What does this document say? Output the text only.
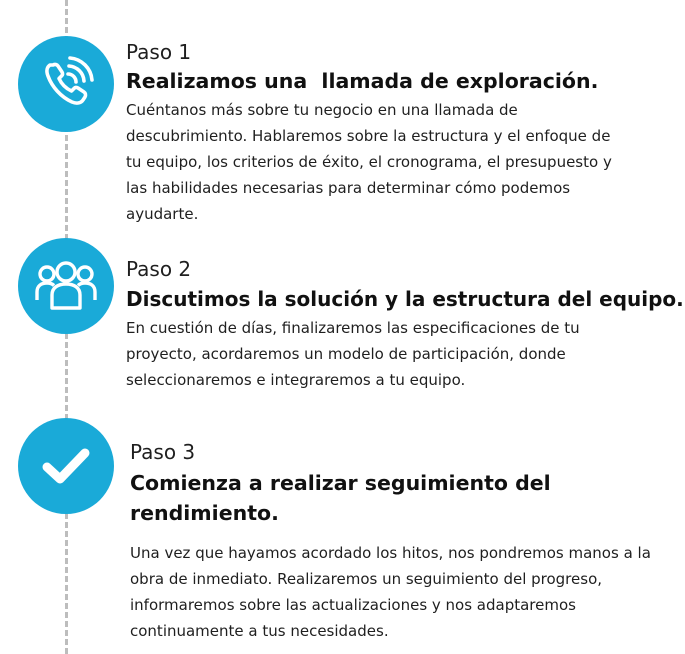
Paso 1

Realizamos una  llamada de exploración.

Cuéntanos más sobre tu negocio en una llamada de descubrimiento. Hablaremos sobre la estructura y el enfoque de tu equipo, los criterios de éxito, el cronograma, el presupuesto y las habilidades necesarias para determinar cómo podemos ayudarte.

Paso 2

Discutimos la solución y la estructura del equipo.

En cuestión de días, finalizaremos las especificaciones de tu proyecto, acordaremos un modelo de participación, donde seleccionaremos e integraremos a tu equipo.

Paso 3

Comienza a realizar seguimiento del rendimiento.

Una vez que hayamos acordado los hitos, nos pondremos manos a la obra de inmediato. Realizaremos un seguimiento del progreso, informaremos sobre las actualizaciones y nos adaptaremos continuamente a tus necesidades.
